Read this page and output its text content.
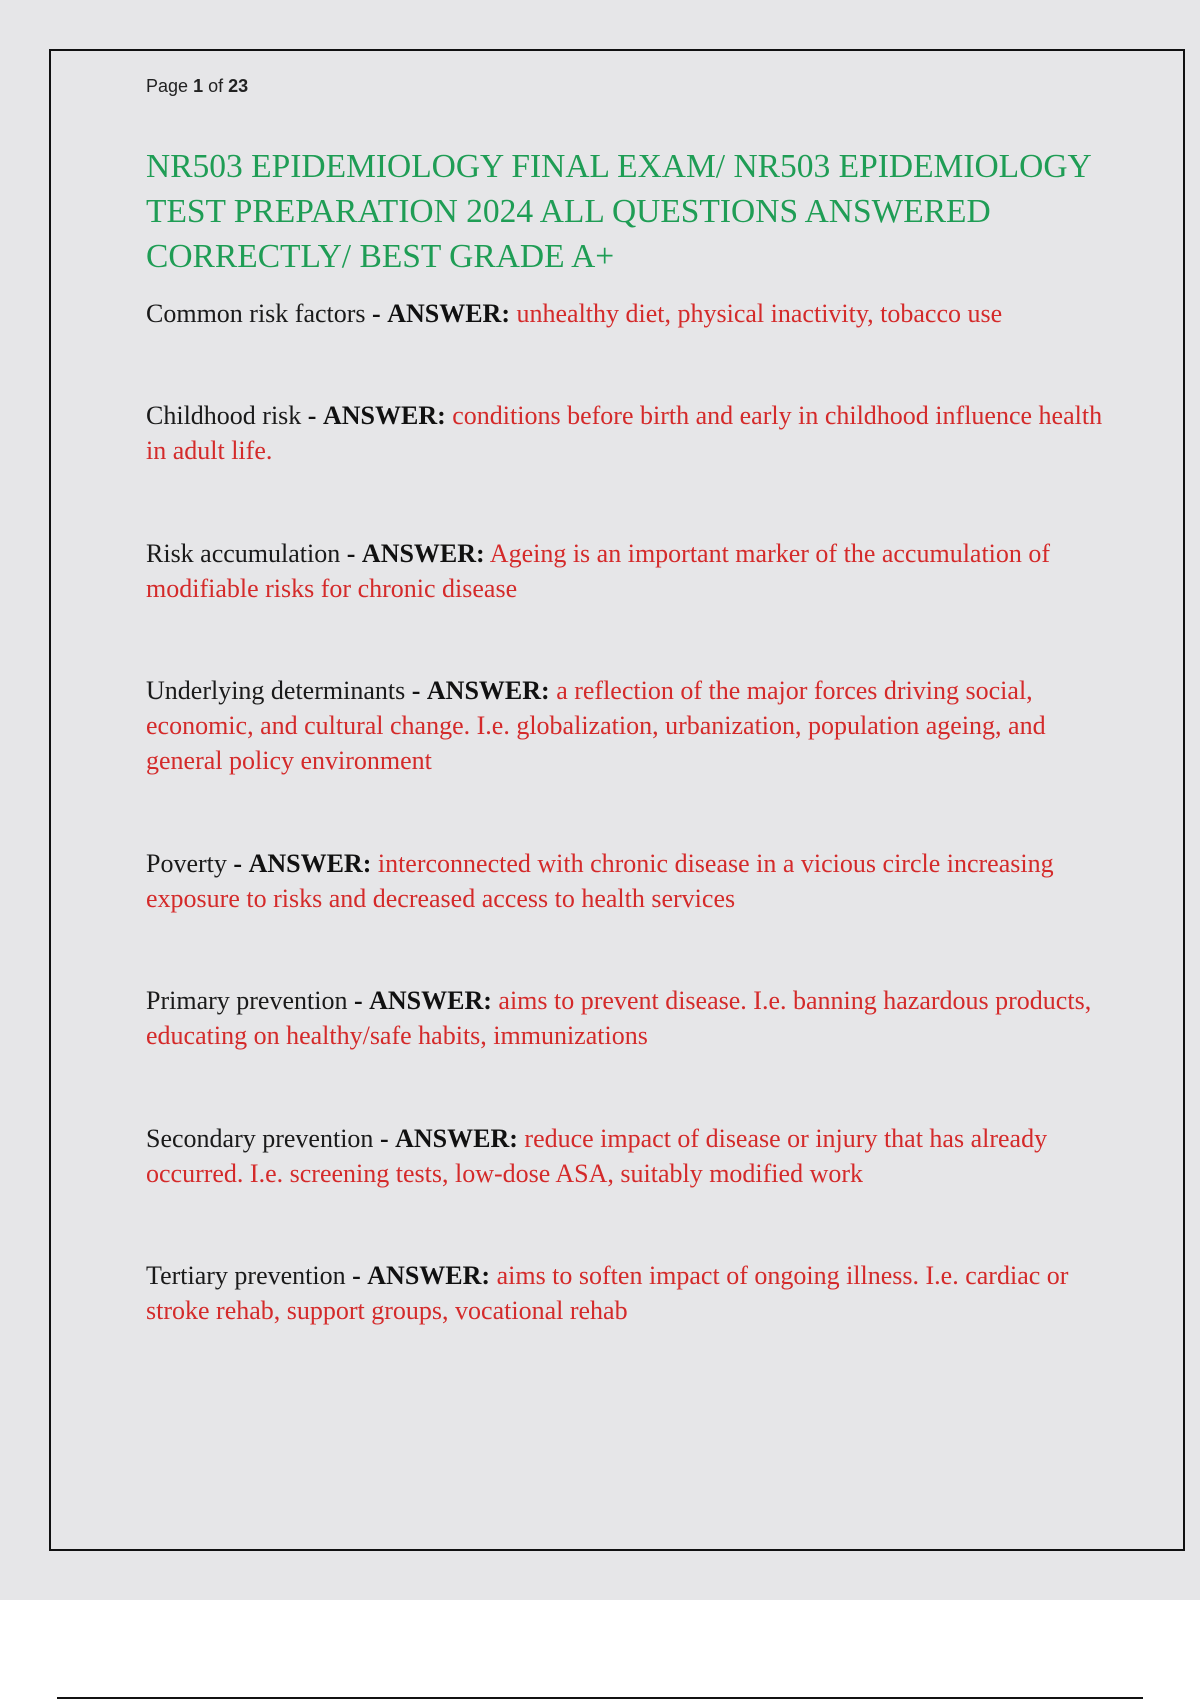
Page 1 of 23

NR503 EPIDEMIOLOGY FINAL EXAM/ NR503 EPIDEMIOLOGY TEST PREPARATION 2024 ALL QUESTIONS ANSWERED CORRECTLY/ BEST GRADE A+

Common risk factors - ANSWER: unhealthy diet, physical inactivity, tobacco use

Childhood risk - ANSWER: conditions before birth and early in childhood influence health in adult life.

Risk accumulation - ANSWER: Ageing is an important marker of the accumulation of modifiable risks for chronic disease

Underlying determinants - ANSWER: a reflection of the major forces driving social, economic, and cultural change. I.e. globalization, urbanization, population ageing, and general policy environment

Poverty - ANSWER: interconnected with chronic disease in a vicious circle increasing exposure to risks and decreased access to health services

Primary prevention - ANSWER: aims to prevent disease. I.e. banning hazardous products, educating on healthy/safe habits, immunizations

Secondary prevention - ANSWER: reduce impact of disease or injury that has already occurred. I.e. screening tests, low-dose ASA, suitably modified work

Tertiary prevention - ANSWER: aims to soften impact of ongoing illness. I.e. cardiac or stroke rehab, support groups, vocational rehab
